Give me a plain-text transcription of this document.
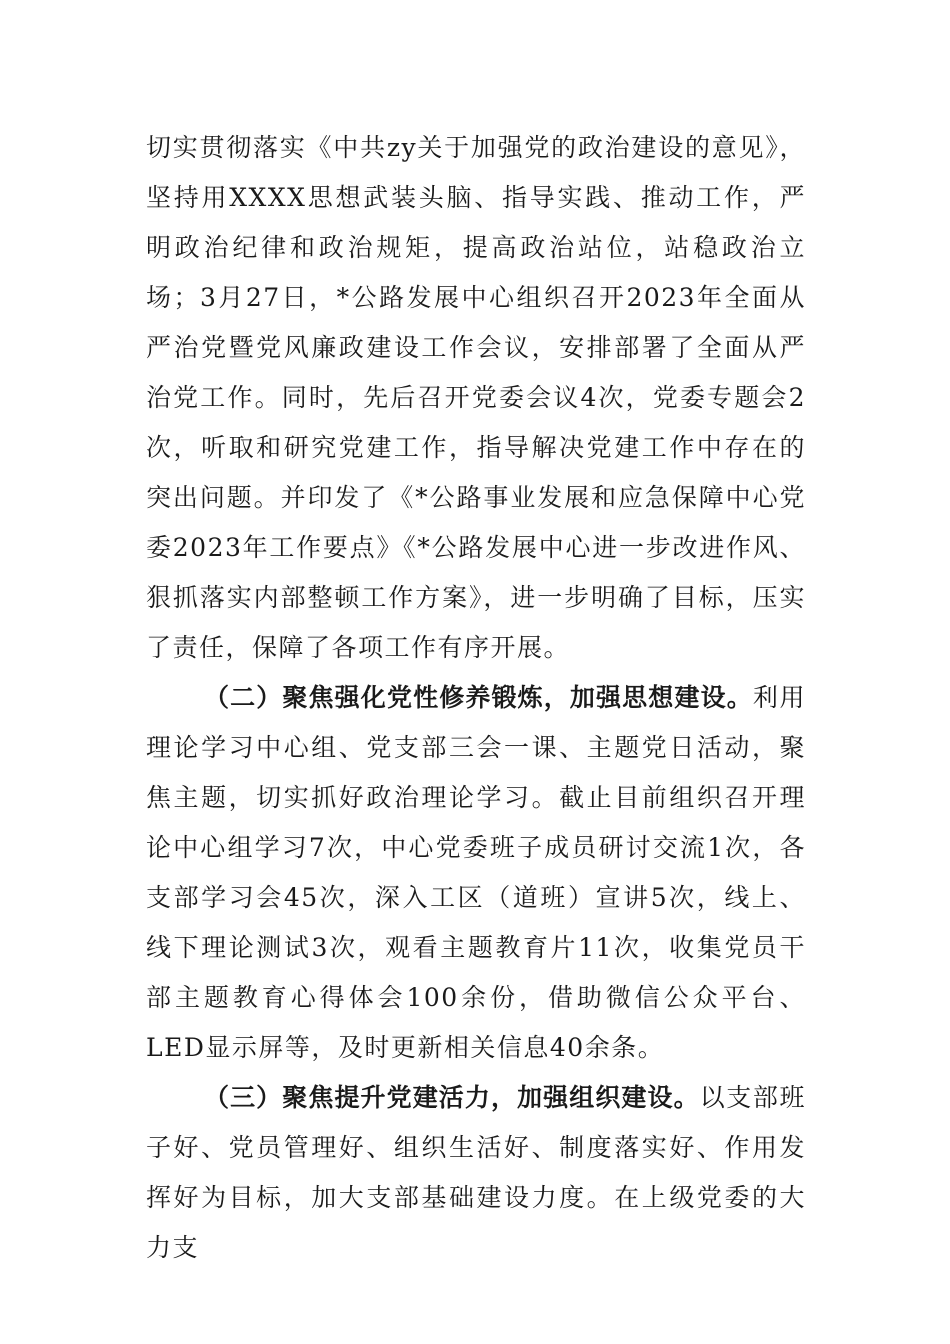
切实贯彻落实《中共zy关于加强党的政治建设的意见》，坚持用XXXX思想武装头脑、指导实践、推动工作，严明政治纪律和政治规矩，提高政治站位，站稳政治立场；3月27日，*公路发展中心组织召开2023年全面从严治党暨党风廉政建设工作会议，安排部署了全面从严治党工作。同时，先后召开党委会议4次，党委专题会2次，听取和研究党建工作，指导解决党建工作中存在的突出问题。并印发了《*公路事业发展和应急保障中心党委2023年工作要点》《*公路发展中心进一步改进作风、狠抓落实内部整顿工作方案》，进一步明确了目标，压实了责任，保障了各项工作有序开展。

（二）聚焦强化党性修养锻炼，加强思想建设。利用理论学习中心组、党支部三会一课、主题党日活动，聚焦主题，切实抓好政治理论学习。截止目前组织召开理论中心组学习7次，中心党委班子成员研讨交流1次，各支部学习会45次，深入工区（道班）宣讲5次，线上、线下理论测试3次，观看主题教育片11次，收集党员干部主题教育心得体会100余份，借助微信公众平台、LED显示屏等，及时更新相关信息40余条。

（三）聚焦提升党建活力，加强组织建设。以支部班子好、党员管理好、组织生活好、制度落实好、作用发挥好为目标，加大支部基础建设力度。在上级党委的大力支
